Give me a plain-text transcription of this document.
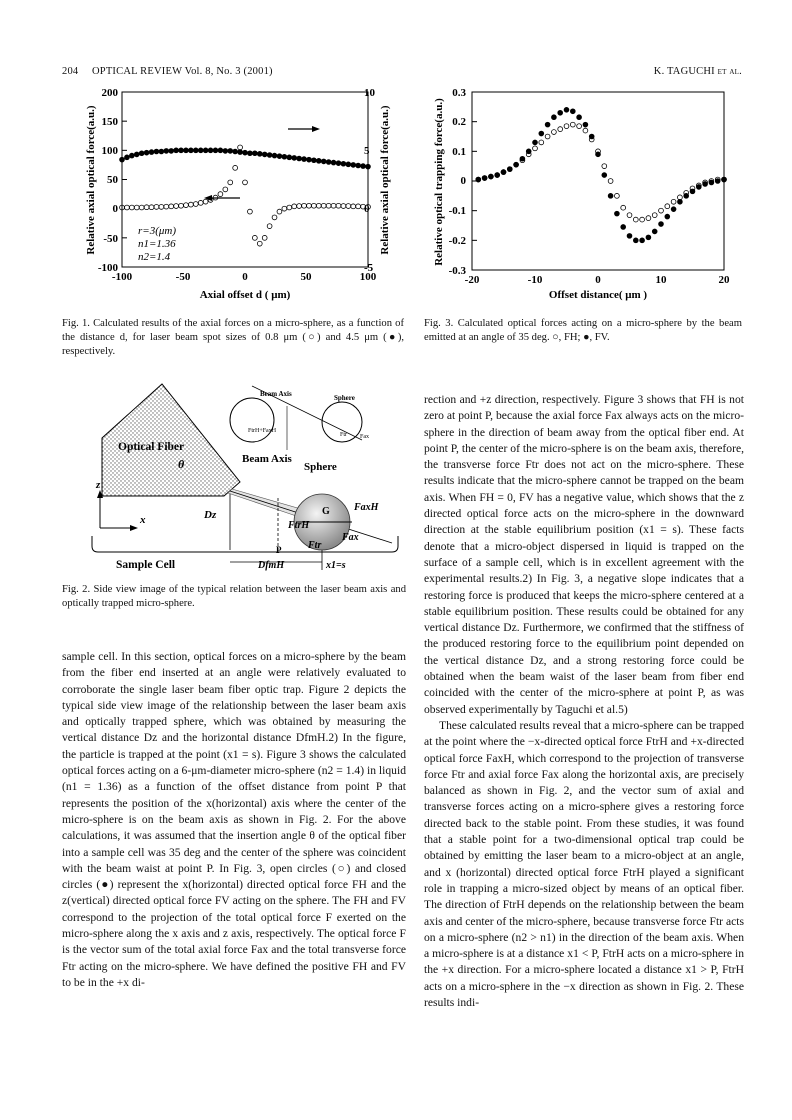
204 OPTICAL REVIEW Vol. 8, No. 3 (2001)	K. TAGUCHI et al.
200
150
100
50
0
-50
-100
10
5
0
-5
-100	-50	0	50	100
Axial offset d ( μm)
Relative axial optical force(a.u.)	Relative axial optical force(a.u.)
r=3(μm)
n1=1.36
n2=1.4
Fig. 1. Calculated results of the axial forces on a micro-sphere, as a function of the distance d, for laser beam spot sizes of 0.8 μm (○) and 4.5 μm (●), respectively.
0.3
0.2
0.1
0
-0.1
-0.2
-0.3
-20	-10	0	10	20
Offset distance( μm )
Relative optical trapping force(a.u.)
Fig. 3. Calculated optical forces acting on a micro-sphere by the beam emitted at an angle of 35 deg. ○, FH; ●, FV.
Optical Fiber
θ	Beam Axis
Sphere
Beam Axis	Sphere
FtrH+FaxH
Fax
Ftr
z
x
Sample Cell
Dz
P
G FaxH
FtrH
Ftr
Fax
DfmH	x1=s
Fig. 2. Side view image of the typical relation between the laser beam axis and optically trapped micro-sphere.

sample cell. In this section, optical forces on a micro-sphere by the beam from the fiber end inserted at an angle were relatively evaluated to corroborate the single laser beam fiber optic trap. Figure 2 depicts the typical side view image of the relationship between the laser beam axis and optically trapped sphere, which was obtained by measuring the vertical distance Dz and the horizontal distance DfmH.2) In the figure, the particle is trapped at the point (x1 = s). Figure 3 shows the calculated optical forces acting on a 6-μm-diameter micro-sphere (n2 = 1.4) in liquid (n1 = 1.36) as a function of the offset distance from point P that represents the position of the x(horizontal) axis where the center of the micro-sphere is on the beam axis as shown in Fig. 2. For the above calculations, it was assumed that the insertion angle θ of the optical fiber into a sample cell was 35 deg and the center of the sphere was coincident with the beam waist at point P. In Fig. 3, open circles (○) and closed circles (●) represent the x(horizontal) directed optical force FH and the z(vertical) directed optical force FV acting on the sphere. The FH and FV correspond to the projection of the total optical force F exerted on the micro-sphere along the x axis and z axis, respectively. The optical force F is the vector sum of the total axial force Fax and the total transverse force Ftr acting on the micro-sphere. We have defined the positive FH and FV to be in the +x di-

rection and +z direction, respectively. Figure 3 shows that FH is not zero at point P, because the axial force Fax always acts on the micro-sphere in the direction of beam away from the optical fiber end. At point P, the center of the micro-sphere is on the beam axis, therefore, the transverse force Ftr does not act on the micro-sphere. These results indicate that the micro-sphere cannot be trapped on the beam axis. When FH = 0, FV has a negative value, which shows that the z directed optical force acts on the micro-sphere in the downward direction at the stable equilibrium position (x1 = s). These facts denote that a micro-object dispersed in liquid is trapped on the surface of a sample cell, which is in excellent agreement with the experimental results.2) In Fig. 3, a negative slope indicates that a restoring force is produced that keeps the micro-sphere centered at a stable equilibrium position. These results could be obtained for any vertical distance Dz. Furthermore, we confirmed that the stiffness of the produced restoring force to the equilibrium point depended on the vertical distance Dz, and a strong restoring force could be obtained when the beam waist of the laser beam from fiber end coincided with the center of the micro-sphere at point P, as was observed experimentally by Taguchi et al.5)

These calculated results reveal that a micro-sphere can be trapped at the point where the −x-directed optical force FtrH and +x-directed optical force FaxH, which correspond to the projection of transverse force Ftr and axial force Fax along the horizontal axis, are precisely balanced as shown in Fig. 2, and the vector sum of axial and transverse forces acting on a micro-sphere gives a restoring force directed back to the stable point. From these studies, it was found that a stable point for a two-dimensional optical trap could be obtained by emitting the laser beam to a micro-object at an angle, and x (horizontal) directed optical force FtrH played a significant role in trapping a micro-sized object by means of an optical fiber. The direction of FtrH depends on the relationship between the beam axis and center of the micro-sphere, because transverse force Ftr acts on a micro-sphere (n2 > n1) in the direction of the beam axis. When a micro-sphere is at a distance x1 < P, FtrH acts on a micro-sphere in the +x direction. For a micro-sphere located a distance x1 > P, FtrH acts on a micro-sphere in the −x direction as shown in Fig. 2. These results indi-
